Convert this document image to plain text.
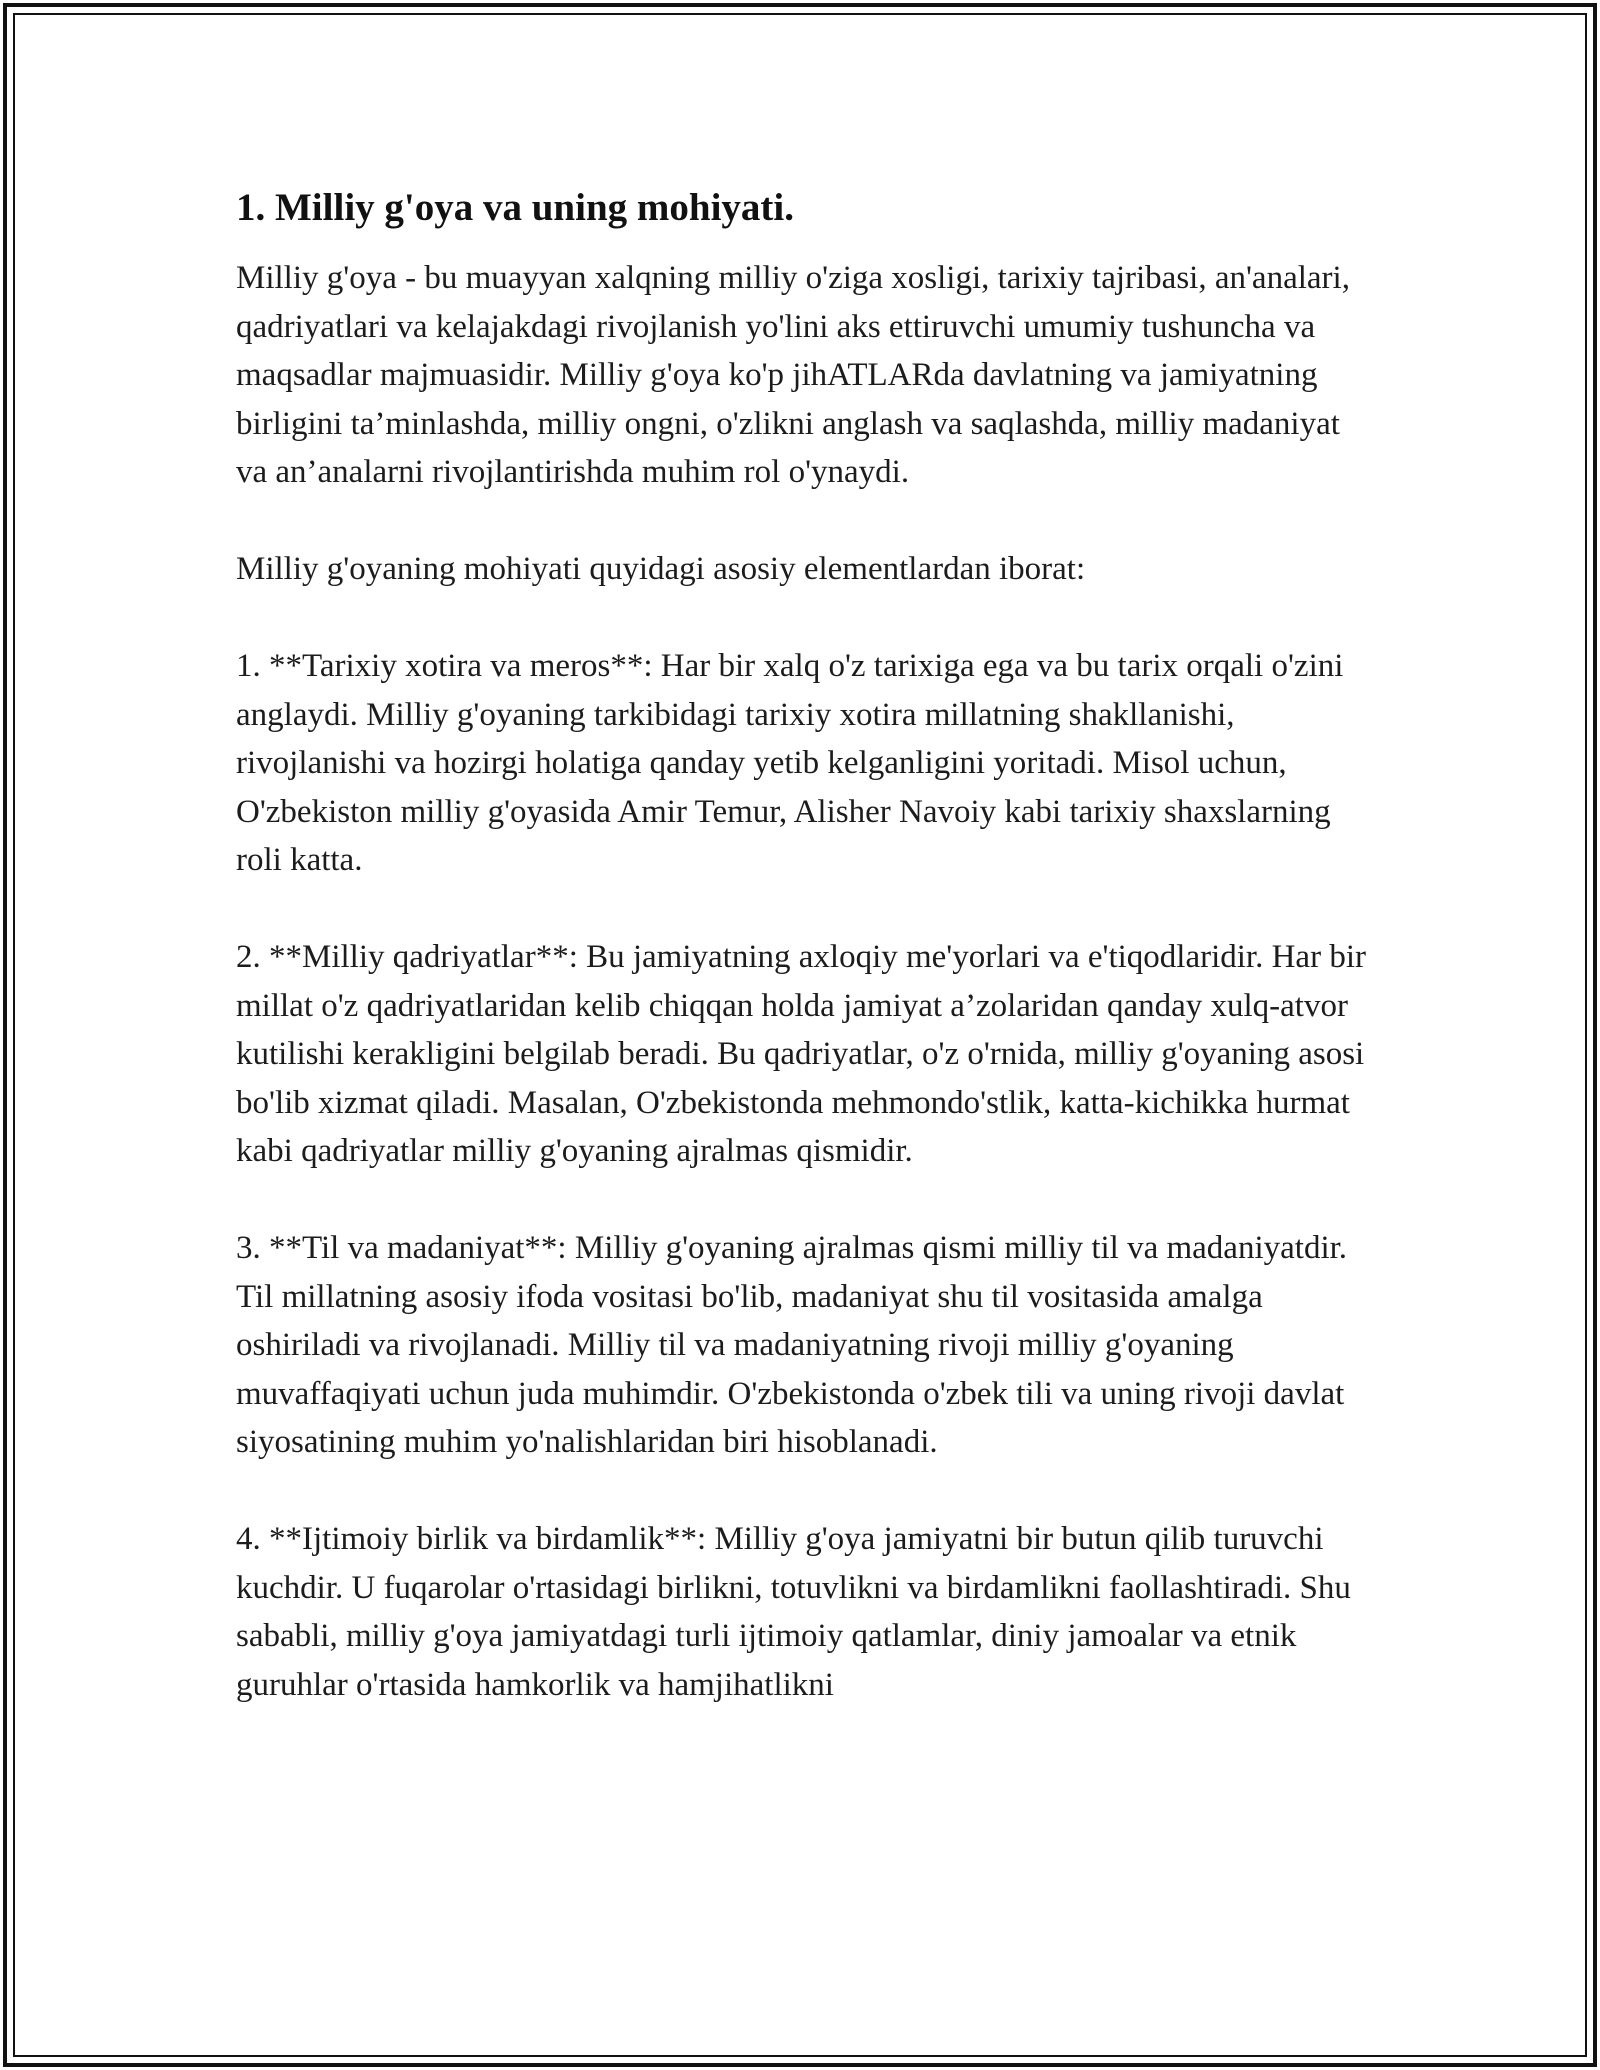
1. Milliy g'oya va uning mohiyati.

Milliy g'oya - bu muayyan xalqning milliy o'ziga xosligi, tarixiy tajribasi, an'analari, qadriyatlari va kelajakdagi rivojlanish yo'lini aks ettiruvchi umumiy tushuncha va maqsadlar majmuasidir. Milliy g'oya ko'p jihATLARda davlatning va jamiyatning birligini ta’minlashda, milliy ongni, o'zlikni anglash va saqlashda, milliy madaniyat va an’analarni rivojlantirishda muhim rol o'ynaydi.

Milliy g'oyaning mohiyati quyidagi asosiy elementlardan iborat:

1. **Tarixiy xotira va meros**: Har bir xalq o'z tarixiga ega va bu tarix orqali o'zini anglaydi. Milliy g'oyaning tarkibidagi tarixiy xotira millatning shakllanishi, rivojlanishi va hozirgi holatiga qanday yetib kelganligini yoritadi. Misol uchun, O'zbekiston milliy g'oyasida Amir Temur, Alisher Navoiy kabi tarixiy shaxslarning roli katta.

2. **Milliy qadriyatlar**: Bu jamiyatning axloqiy me'yorlari va e'tiqodlaridir. Har bir millat o'z qadriyatlaridan kelib chiqqan holda jamiyat a’zolaridan qanday xulq-atvor kutilishi kerakligini belgilab beradi. Bu qadriyatlar, o'z o'rnida, milliy g'oyaning asosi bo'lib xizmat qiladi. Masalan, O'zbekistonda mehmondo'stlik, katta-kichikka hurmat kabi qadriyatlar milliy g'oyaning ajralmas qismidir.

3. **Til va madaniyat**: Milliy g'oyaning ajralmas qismi milliy til va madaniyatdir. Til millatning asosiy ifoda vositasi bo'lib, madaniyat shu til vositasida amalga oshiriladi va rivojlanadi. Milliy til va madaniyatning rivoji milliy g'oyaning muvaffaqiyati uchun juda muhimdir. O'zbekistonda o'zbek tili va uning rivoji davlat siyosatining muhim yo'nalishlaridan biri hisoblanadi.

4. **Ijtimoiy birlik va birdamlik**: Milliy g'oya jamiyatni bir butun qilib turuvchi kuchdir. U fuqarolar o'rtasidagi birlikni, totuvlikni va birdamlikni faollashtiradi. Shu sababli, milliy g'oya jamiyatdagi turli ijtimoiy qatlamlar, diniy jamoalar va etnik guruhlar o'rtasida hamkorlik va hamjihatlikni
